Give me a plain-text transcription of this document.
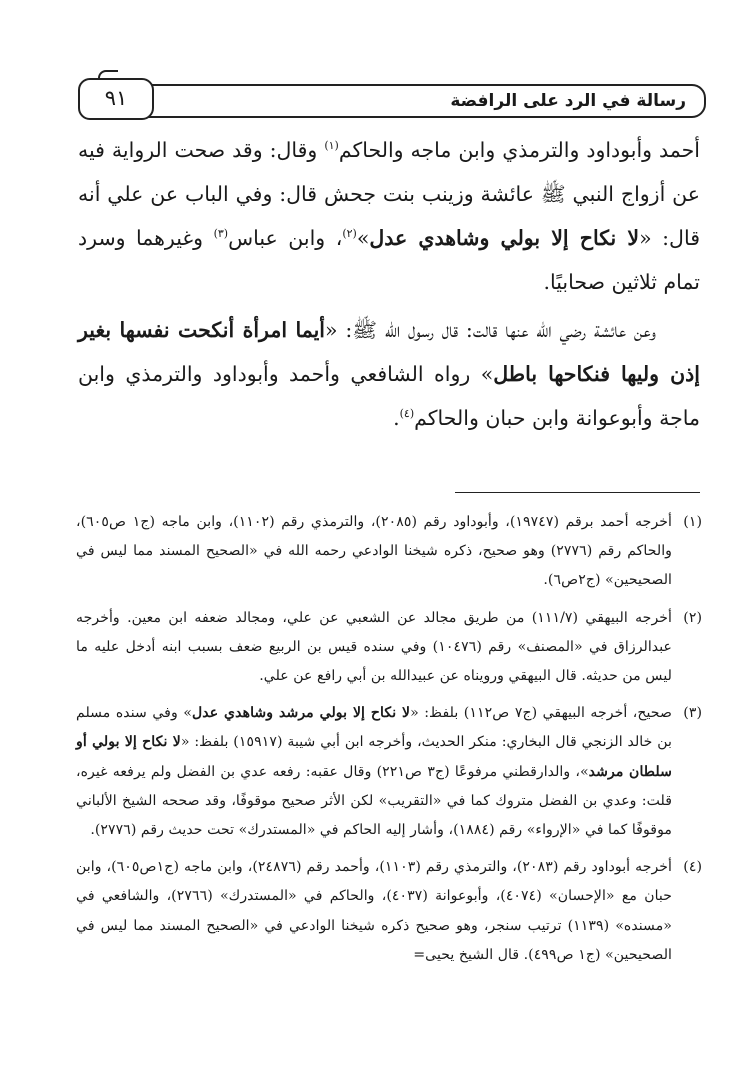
رسالة في الرد على الرافضة
٩١

أحمد وأبوداود والترمذي وابن ماجه والحاكم$^{(١)}$ وقال: وقد صحت الرواية فيه عن أزواج النبي ﷺ عائشة وزينب بنت جحش قال: وفي الباب عن علي أنه قال: «لا نكاح إلا بولي وشاهدي عدل»$^{(٢)}$، وابن عباس$^{(٣)}$ وغيرهما وسرد تمام ثلاثين صحابيًا.

وعن عائشة رضي الله عنها قالت: قال رسول الله ﷺ: «أيما امرأة أنكحت نفسها بغير إذن وليها فنكاحها باطل» رواه الشافعي وأحمد وأبوداود والترمذي وابن ماجة وأبوعوانة وابن حبان والحاكم$^{(٤)}$.

(١)
أخرجه أحمد برقم (١٩٧٤٧)، وأبوداود رقم (٢٠٨٥)، والترمذي رقم (١١٠٢)، وابن ماجه (ج١ ص٦٠٥)، والحاكم رقم (٢٧٧٦) وهو صحيح، ذكره شيخنا الوادعي رحمه الله في «الصحيح المسند مما ليس في الصحيحين» (ج٢ص٦).
(٢)
أخرجه البيهقي (١١١/٧) من طريق مجالد عن الشعبي عن علي، ومجالد ضعفه ابن معين. وأخرجه عبدالرزاق في «المصنف» رقم (١٠٤٧٦) وفي سنده قيس بن الربيع ضعف بسبب ابنه أدخل عليه ما ليس من حديثه. قال البيهقي ورويناه عن عبيدالله بن أبي رافع عن علي.
(٣)
صحيح، أخرجه البيهقي (ج٧ ص١١٢) بلفظ: «لا نكاح إلا بولي مرشد وشاهدي عدل» وفي سنده مسلم بن خالد الزنجي قال البخاري: منكر الحديث، وأخرجه ابن أبي شيبة (١٥٩١٧) بلفظ: «لا نكاح إلا بولي أو سلطان مرشد»، والدارقطني مرفوعًا (ج٣ ص٢٢١) وقال عقبه: رفعه عدي بن الفضل ولم يرفعه غيره، قلت: وعدي بن الفضل متروك كما في «التقريب» لكن الأثر صحيح موقوفًا، وقد صححه الشيخ الألباني موقوفًا كما في «الإرواء» رقم (١٨٨٤)، وأشار إليه الحاكم في «المستدرك» تحت حديث رقم (٢٧٧٦).
(٤)
أخرجه أبوداود رقم (٢٠٨٣)، والترمذي رقم (١١٠٣)، وأحمد رقم (٢٤٨٧٦)، وابن ماجه (ج١ص٦٠٥)، وابن حبان مع «الإحسان» (٤٠٧٤)، وأبوعوانة (٤٠٣٧)، والحاكم في «المستدرك» (٢٧٦٦)، والشافعي في «مسنده» (١١٣٩) ترتيب سنجر، وهو صحيح ذكره شيخنا الوادعي في «الصحيح المسند مما ليس في الصحيحين» (ج١ ص٤٩٩). قال الشيخ يحيى=
